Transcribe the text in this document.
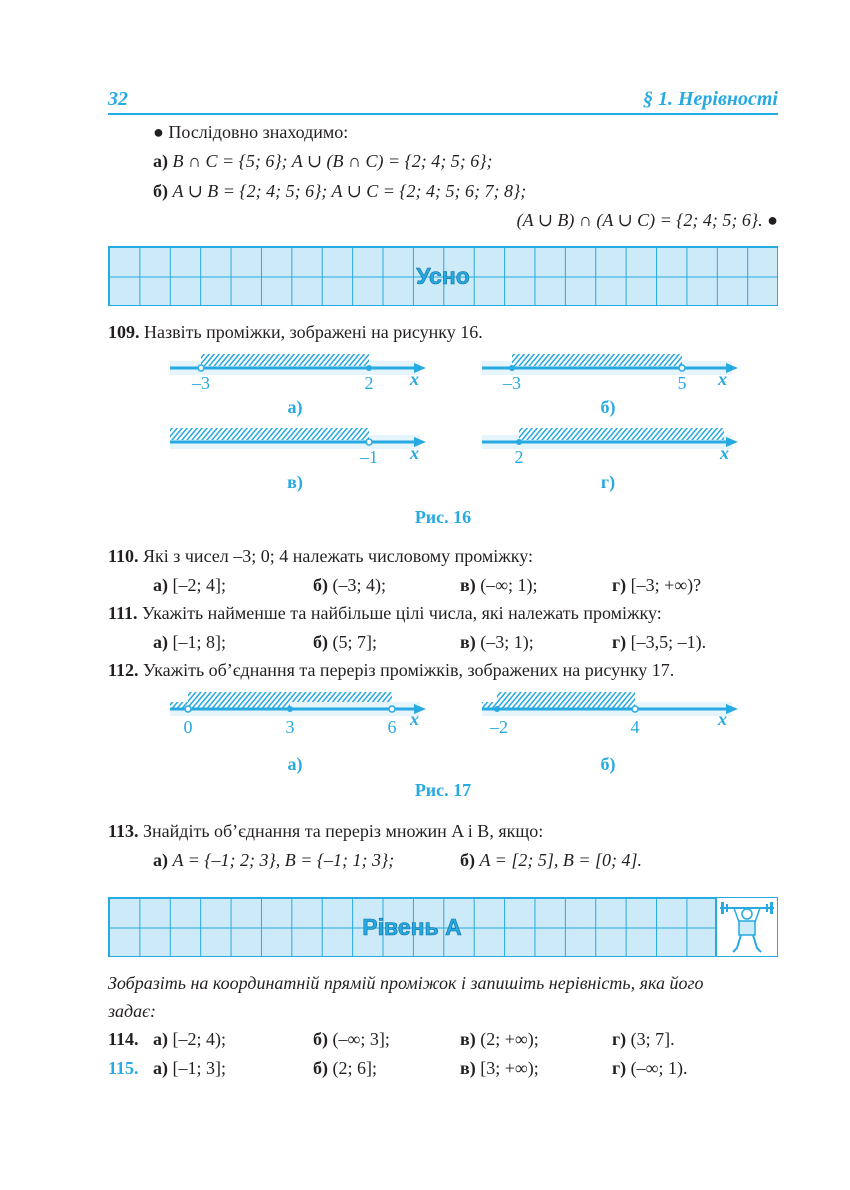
32	§ 1. Нерівності
● Послідовно знаходимо:
а) B ∩ C = {5; 6}; A ∪ (B ∩ C) = {2; 4; 5; 6};
б) A ∪ B = {2; 4; 5; 6}; A ∪ C = {2; 4; 5; 6; 7; 8};
(A ∪ B) ∩ (A ∪ C) = {2; 4; 5; 6}. ●
Усно
109. Назвіть проміжки, зображені на рисунку 16.
–3	2 x
а)
–3	5 x
б)
–1 x
в)
2	x
г)
Рис. 16
110. Які з чисел –3; 0; 4 належать числовому проміжку:
а) [–2; 4];	б) (–3; 4);	в) (–∞; 1);	г) [–3; +∞)?
111. Укажіть найменше та найбільше цілі числа, які належать проміжку:
а) [–1; 8];	б) (5; 7];	в) (–3; 1);	г) [–3,5; –1).
112. Укажіть об’єднання та переріз проміжків, зображених на рисунку 17.
0	3	6 x
а)
–2	4	x
б)
Рис. 17
113. Знайдіть об’єднання та переріз множин A і B, якщо:
а) A = {–1; 2; 3}, B = {–1; 1; 3};	б) A = [2; 5], B = [0; 4].
Рівень А
Зобразіть на координатній прямій проміжок і запишіть нерівність, яка його
задає:
114. а) [–2; 4);	б) (–∞; 3];	в) (2; +∞);	г) (3; 7].
115. а) [–1; 3];	б) (2; 6];	в) [3; +∞);	г) (–∞; 1).
